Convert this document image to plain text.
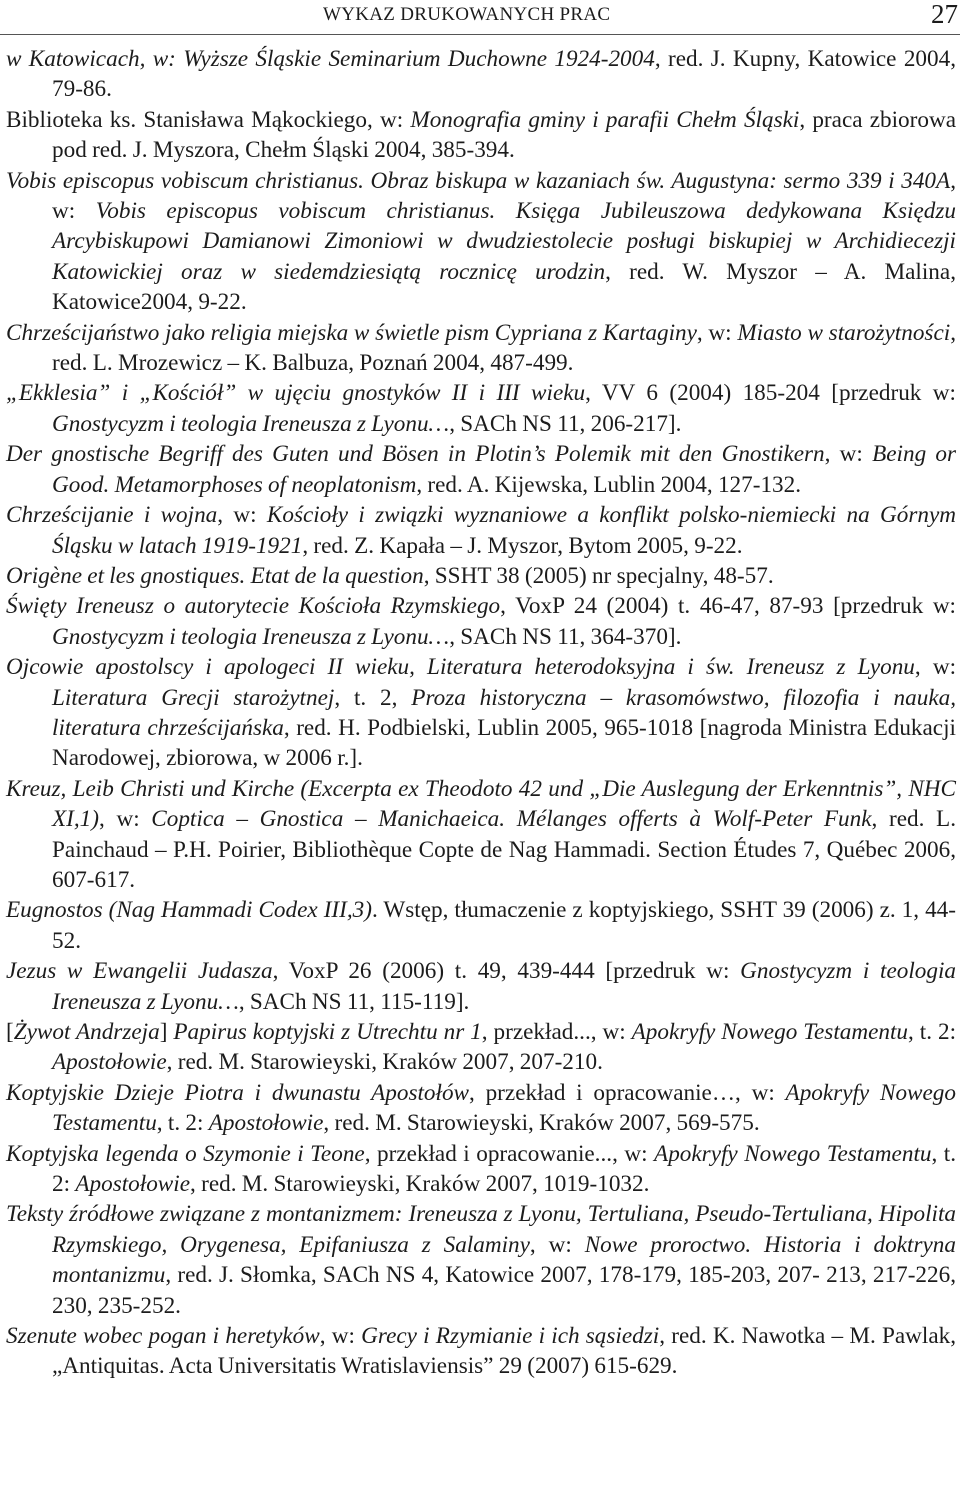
WYKAZ DRUKOWANYCH PRAC	27

w Katowicach, w: Wyższe Śląskie Seminarium Duchowne 1924-2004, red. J. Kupny, Katowice 2004, 79-86.

Biblioteka ks. Stanisława Mąkockiego, w: Monografia gminy i parafii Chełm Śląski, praca zbiorowa pod red. J. Myszora, Chełm Śląski 2004, 385-394.

Vobis episcopus vobiscum christianus. Obraz biskupa w kazaniach św. Augustyna: sermo 339 i 340A, w: Vobis episcopus vobiscum christianus. Księga Jubileuszowa dedykowana Księdzu Arcybiskupowi Damianowi Zimoniowi w dwudziestolecie posługi biskupiej w Archidiecezji Katowickiej oraz w siedemdziesiątą rocznicę urodzin, red. W. Myszor – A. Malina, Katowice2004, 9-22.

Chrześcijaństwo jako religia miejska w świetle pism Cypriana z Kartaginy, w: Miasto w starożytności, red. L. Mrozewicz – K. Balbuza, Poznań 2004, 487-499.

„Ekklesia” i „Kościół” w ujęciu gnostyków II i III wieku, VV 6 (2004) 185-204 [przedruk w: Gnostycyzm i teologia Ireneusza z Lyonu…, SACh NS 11, 206-217].

Der gnostische Begriff des Guten und Bösen in Plotin’s Polemik mit den Gnostikern, w: Being or Good. Metamorphoses of neoplatonism, red. A. Kijewska, Lublin 2004, 127-132.

Chrześcijanie i wojna, w: Kościoły i związki wyznaniowe a konflikt polsko-niemiecki na Górnym Śląsku w latach 1919-1921, red. Z. Kapała – J. Myszor, Bytom 2005, 9-22.

Origène et les gnostiques. Etat de la question, SSHT 38 (2005) nr specjalny, 48-57.

Święty Ireneusz o autorytecie Kościoła Rzymskiego, VoxP 24 (2004) t. 46-47, 87-93 [przedruk w: Gnostycyzm i teologia Ireneusza z Lyonu…, SACh NS 11, 364-370].

Ojcowie apostolscy i apologeci II wieku, Literatura heterodoksyjna i św. Ireneusz z Lyonu, w: Literatura Grecji starożytnej, t. 2, Proza historyczna – krasomówstwo, filozofia i nauka, literatura chrześcijańska, red. H. Podbielski, Lublin 2005, 965-1018 [nagroda Ministra Edukacji Narodowej, zbiorowa, w 2006 r.].

Kreuz, Leib Christi und Kirche (Excerpta ex Theodoto 42 und „Die Auslegung der Erkenntnis”, NHC XI,1), w: Coptica – Gnostica – Manichaeica. Mélanges offerts à Wolf-Peter Funk, red. L. Painchaud – P.H. Poirier, Bibliothèque Copte de Nag Hammadi. Section Études 7, Québec 2006, 607-617.

Eugnostos (Nag Hammadi Codex III,3). Wstęp, tłumaczenie z koptyjskiego, SSHT 39 (2006) z. 1, 44-52.

Jezus w Ewangelii Judasza, VoxP 26 (2006) t. 49, 439-444 [przedruk w: Gnostycyzm i teologia Ireneusza z Lyonu…, SACh NS 11, 115-119].

[Żywot Andrzeja] Papirus koptyjski z Utrechtu nr 1, przekład..., w: Apokryfy Nowego Testamentu, t. 2: Apostołowie, red. M. Starowieyski, Kraków 2007, 207-210.

Koptyjskie Dzieje Piotra i dwunastu Apostołów, przekład i opracowanie…, w: Apokryfy Nowego Testamentu, t. 2: Apostołowie, red. M. Starowieyski, Kraków 2007, 569-575.

Koptyjska legenda o Szymonie i Teone, przekład i opracowanie..., w: Apokryfy Nowego Testamentu, t. 2: Apostołowie, red. M. Starowieyski, Kraków 2007, 1019-1032.

Teksty źródłowe związane z montanizmem: Ireneusza z Lyonu, Tertuliana, Pseudo-Tertuliana, Hipolita Rzymskiego, Orygenesa, Epifaniusza z Salaminy, w: Nowe proroctwo. Historia i doktryna montanizmu, red. J. Słomka, SACh NS 4, Katowice 2007, 178-179, 185-203, 207- 213, 217-226, 230, 235-252.

Szenute wobec pogan i heretyków, w: Grecy i Rzymianie i ich sąsiedzi, red. K. Nawotka – M. Pawlak, „Antiquitas. Acta Universitatis Wratislaviensis” 29 (2007) 615-629.
